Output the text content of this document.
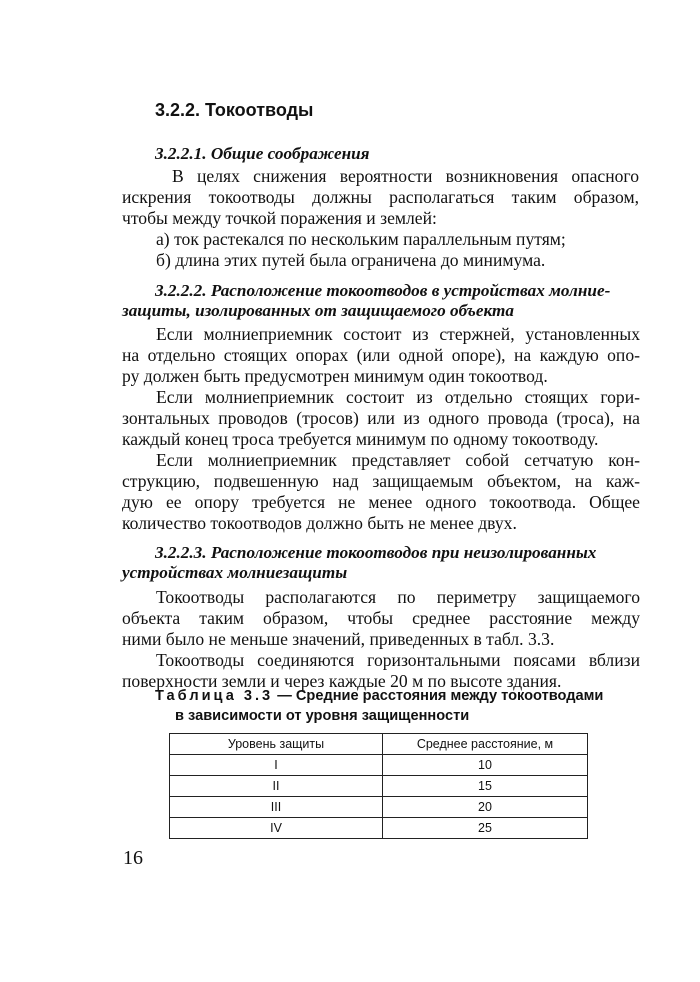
3.2.2. Токоотводы
3.2.2.1. Общие соображения
В целях снижения вероятности возникновения опасного
искрения токоотводы должны располагаться таким образом,
чтобы между точкой поражения и землей:
а) ток растекался по нескольким параллельным путям;
б) длина этих путей была ограничена до минимума.
3.2.2.2. Расположение токоотводов в устройствах молние-
защиты, изолированных от защищаемого объекта
Если молниеприемник состоит из стержней, установленных
на отдельно стоящих опорах (или одной опоре), на каждую опо-
ру должен быть предусмотрен минимум один токоотвод.
Если молниеприемник состоит из отдельно стоящих гори-
зонтальных проводов (тросов) или из одного провода (троса), на
каждый конец троса требуется минимум по одному токоотводу.
Если молниеприемник представляет собой сетчатую кон-
струкцию, подвешенную над защищаемым объектом, на каж-
дую ее опору требуется не менее одного токоотвода. Общее
количество токоотводов должно быть не менее двух.
3.2.2.3. Расположение токоотводов при неизолированных
устройствах молниезащиты
Токоотводы располагаются по периметру защищаемого
объекта таким образом, чтобы среднее расстояние между
ними было не меньше значений, приведенных в табл. 3.3.
Токоотводы соединяются горизонтальными поясами вблизи
поверхности земли и через каждые 20 м по высоте здания.
Таблица 3.3 — Средние расстояния между токоотводами
в зависимости от уровня защищенности
Уровень защиты	Среднее расстояние, м
I	10
II	15
III	20
IV	25
16
